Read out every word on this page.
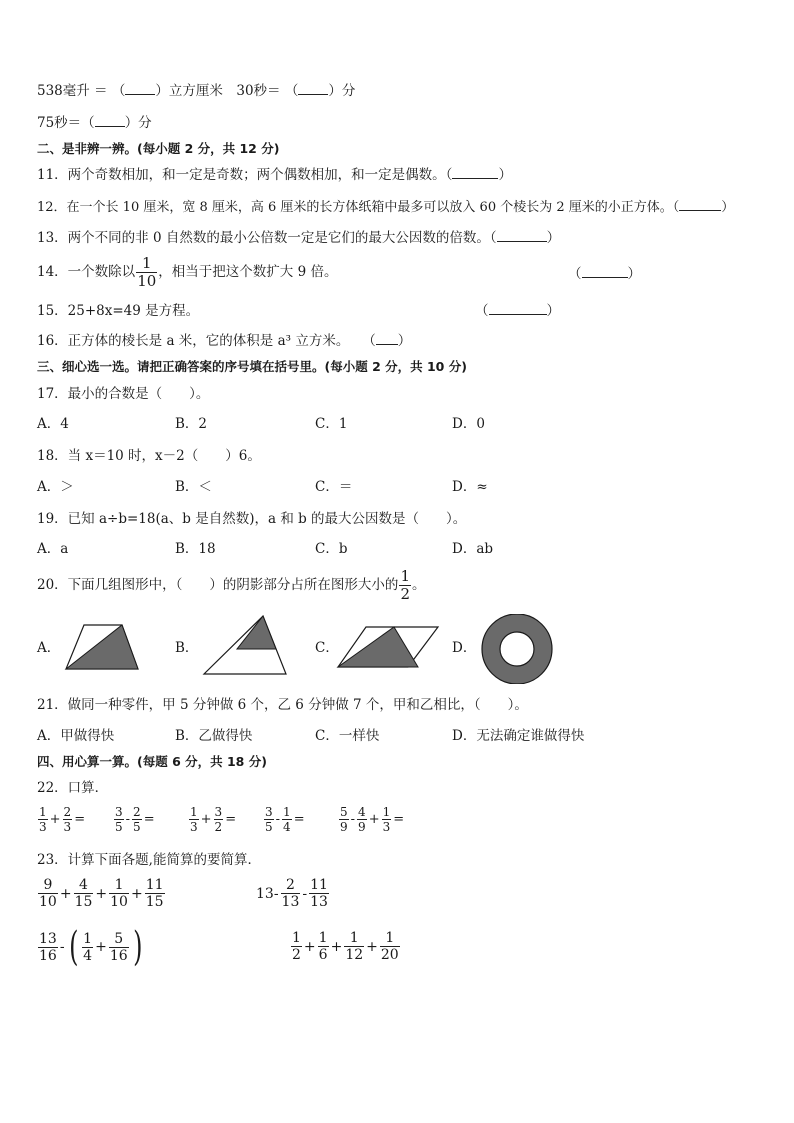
538毫升 ＝ （ ）立方厘米　30秒＝ （ ）分
75秒＝（ ）分
二、是非辨一辨。(每小题 2 分，共 12 分)
11．两个奇数相加，和一定是奇数；两个偶数相加，和一定是偶数。（	）
12．在一个长 10 厘米，宽 8 厘米，高 6 厘米的长方体纸箱中最多可以放入 60 个棱长为 2 厘米的小正方体。（	）
13．两个不同的非 0 自然数的最小公倍数一定是它们的最大公因数的倍数。（	）
14．一个数除以 $\frac{1}{10}$ ，相当于把这个数扩大 9 倍。	（	）
15．25+8x=49 是方程。	（	）
16．正方体的棱长是 a 米，它的体积是 a³ 立方米。 （ ）
三、细心选一选。请把正确答案的序号填在括号里。(每小题 2 分，共 10 分)
17．最小的合数是（　　）。
A．4	B．2	C．1	D．0
18．当 x＝10 时，x－2（　　）6。
A．＞	B．＜	C．＝	D．≈
19．已知 a÷b=18(a、b 是自然数)，a 和 b 的最大公因数是（　　）。
A．a	B．18	C．b	D．ab
20．下面几组图形中，（　　）的阴影部分占所在图形大小的 $\frac{1}{2}$ 。
A．	B．	C．	D．
21．做同一种零件，甲 5 分钟做 6 个，乙 6 分钟做 7 个，甲和乙相比，（　　）。
A．甲做得快	B．乙做得快	C．一样快	D．无法确定谁做得快
四、用心算一算。(每题 6 分，共 18 分)
22．口算．
$\frac{1}{3} + \frac{2}{3} = \frac{3}{5} - \frac{2}{5}$ =	$\frac{1}{3} + \frac{3}{2} = \frac{3}{5} - \frac{1}{4}$ =	$\frac{5}{9} - \frac{4}{9} + \frac{1}{3}$ =
23．计算下面各题,能简算的要简算．
$\frac{9}{10} + \frac{4}{15} + \frac{1}{10} + \frac{11}{15}$	$13- \frac{2}{13} - \frac{11}{13}$
$\frac{13}{16}$ - ( $\frac{1}{4} + \frac{5}{16}$ )	$\frac{1}{2} + \frac{1}{6} + \frac{1}{12} + \frac{1}{20}$
